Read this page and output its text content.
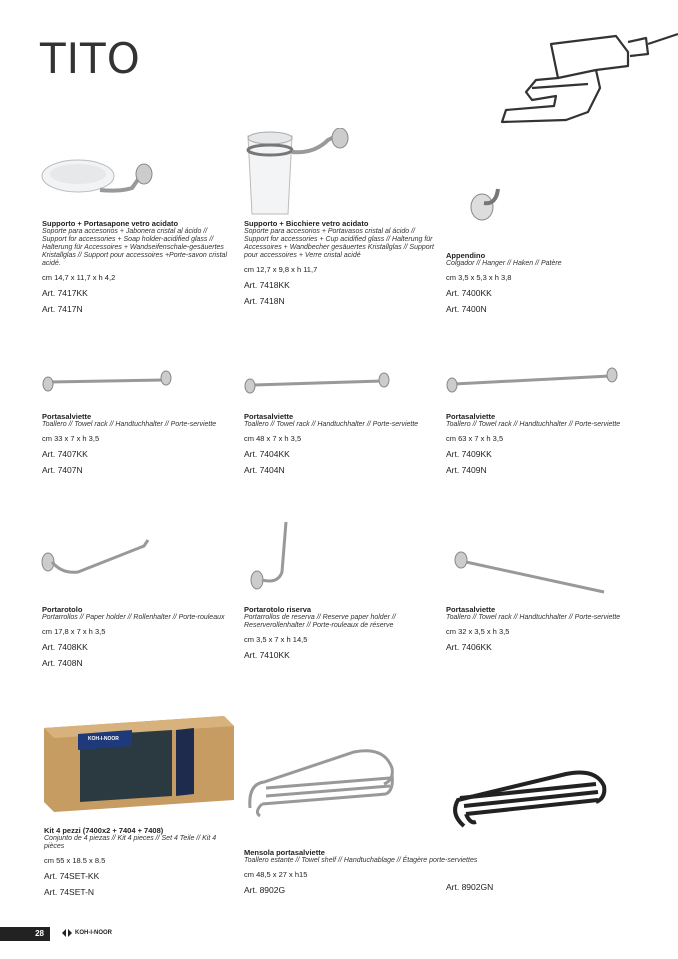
TITO
Supporto + Portasapone vetro acidato
Soporte para accesorios + Jabonera cristal al ácido // Support for accessories + Soap holder-acidified glass // Halterung für Accessoires + Wandseifenschale-gesäuertes Kristallglas // Support pour accessoires +Porte-savon cristal acidé.
cm 14,7 x 11,7 x h 4,2
Art. 7417KK
Art. 7417N
Supporto + Bicchiere vetro acidato
Soporte para accesorios + Portavasos cristal al ácido // Support for accessories + Cup acidified glass // Halterung für Accessoires + Wandbecher gesäuertes Kristallglas // Support pour accessoires + Verre cristal acidé
cm 12,7 x 9,8 x h 11,7
Art. 7418KK
Art. 7418N
Appendino
Colgador // Hanger // Haken // Patère
cm 3,5 x 5,3 x h 3,8
Art. 7400KK
Art. 7400N
Portasalviette
Toallero // Towel rack // Handtuchhalter // Porte-serviette
cm 33 x 7 x h 3,5
Art. 7407KK
Art. 7407N
Portasalviette
Toallero // Towel rack // Handtuchhalter // Porte-serviette
cm 48 x 7 x h 3,5
Art. 7404KK
Art. 7404N
Portasalviette
Toallero // Towel rack // Handtuchhalter // Porte-serviette
cm 63 x 7 x h 3,5
Art. 7409KK
Art. 7409N
Portarotolo
Portarrollos // Paper holder // Rollenhalter // Porte-rouleaux
cm 17,8 x 7 x h 3,5
Art. 7408KK
Art. 7408N
Portarotolo riserva
Portarrollos de reserva // Reserve paper holder // Reserverollenhalter // Porte-rouleaux de réserve
cm 3,5 x 7 x h 14,5
Art. 7410KK
Portasalviette
Toallero // Towel rack // Handtuchhalter // Porte-serviette
cm 32 x 3,5 x h 3,5
Art. 7406KK
KOH-I-NOOR
Kit 4 pezzi (7400x2 + 7404 + 7408)
Conjunto de 4 piezas // Kit 4 pieces // Set 4 Teile // Kit 4 pièces
cm 55 x 18.5 x 8.5
Art. 74SET-KK
Art. 74SET-N
Mensola portasalviette
Toallero estante // Towel shelf // Handtuchablage // Étagère porte-serviettes
cm 48,5 x 27 x h15
Art. 8902G	Art. 8902GN
28	KOH-I-NOOR
